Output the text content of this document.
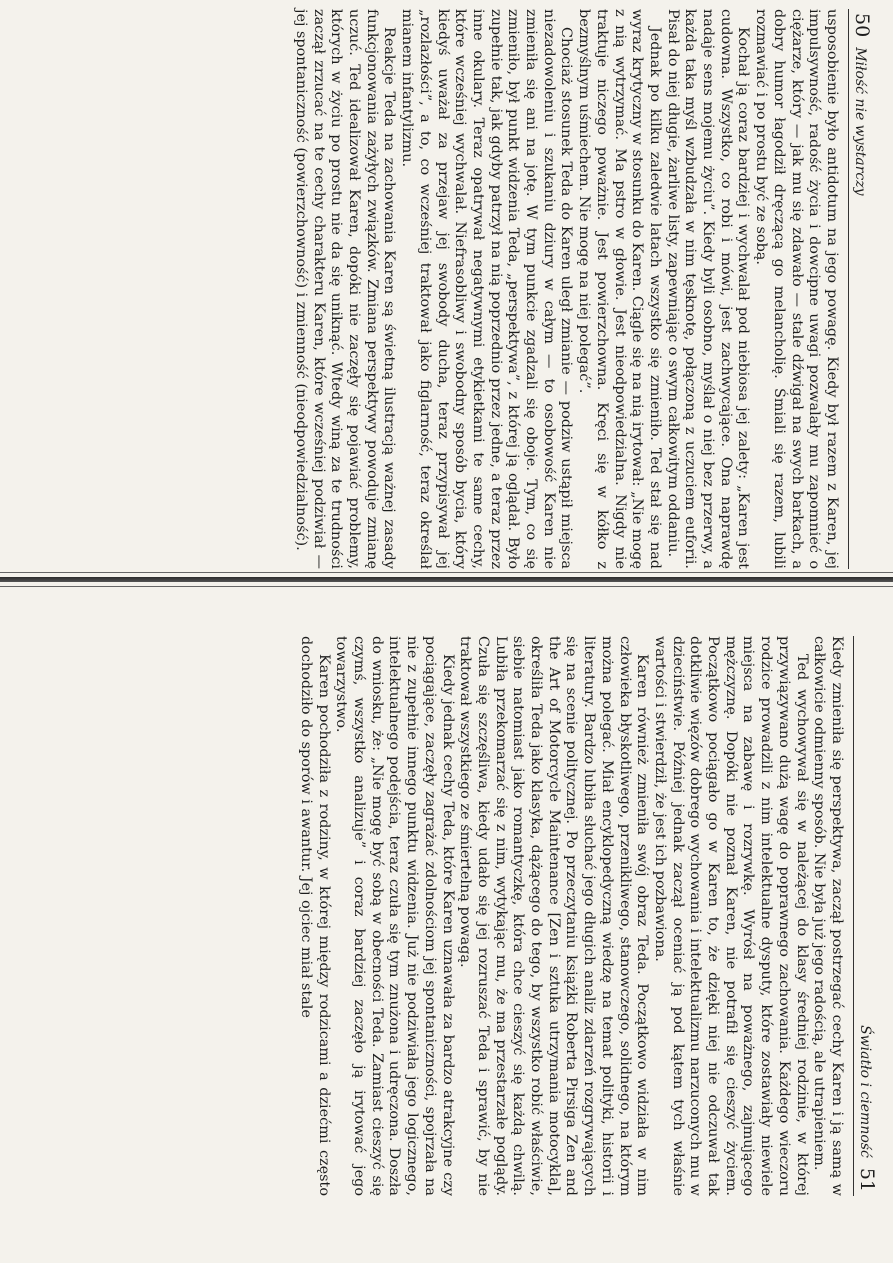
50
Miłość nie wystarczy

usposobienie było antidotum na jego powagę. Kiedy był razem z Karen, jej impulsywność, radość życia i dowcipne uwagi pozwalały mu zapomnieć o ciężarze, który — jak mu się zdawało — stale dźwigał na swych barkach, a dobry humor łagodził dręczącą go melancholię. Śmiali się razem, lubili rozmawiać i po prostu być ze sobą.

Kochał ją coraz bardziej i wychwalał pod niebiosa jej zalety: „Karen jest cudowna. Wszystko, co robi i mówi, jest zachwycające. Ona naprawdę nadaje sens mojemu życiu”. Kiedy byli osobno, myślał o niej bez przerwy, a każda taka myśl wzbudzała w nim tęsknotę, połączoną z uczuciem euforii. Pisał do niej długie, żarliwe listy, zapewniając o swym całkowitym oddaniu.

Jednak po kilku zaledwie latach wszystko się zmieniło. Ted stał się nad wyraz krytyczny w stosunku do Karen. Ciągle się na nią irytował: „Nie mogę z nią wytrzymać. Ma pstro w głowie. Jest nieodpowiedzialna. Nigdy nie traktuje niczego poważnie. Jest powierzchowna. Kręci się w kółko z bezmyślnym uśmiechem. Nie mogę na niej polegać”.

Chociaż stosunek Teda do Karen uległ zmianie — podziw ustąpił miejsca niezadowoleniu i szukaniu dziury w całym — to osobowość Karen nie zmieniła się ani na jotę. W tym punkcie zgadzali się oboje. Tym, co się zmieniło, był punkt widzenia Teda, „perspektywa”, z której ją oglądał. Było zupełnie tak, jak gdyby patrzył na nią poprzednio przez jedne, a teraz przez inne okulary. Teraz opatrywał negatywnymi etykietkami te same cechy, które wcześniej wychwalał. Niefrasobliwy i swobodny sposób bycia, który kiedyś uważał za przejaw jej swobody ducha, teraz przypisywał jej „rozlazłości”, a to, co wcześniej traktował jako figlarność, teraz określał mianem infantylizmu.

Reakcje Teda na zachowania Karen są świetną ilustracją ważnej zasady funkcjonowania zażyłych związków. Zmiana perspektywy powoduje zmianę uczuć. Ted idealizował Karen, dopóki nie zaczęły się pojawiać problemy, których w życiu po prostu nie da się uniknąć. Wtedy winą za te trudności zaczął zrzucać na te cechy charakteru Karen, które wcześniej podziwiał — jej spontaniczność (powierzchowność) i zmienność (nieodpowiedzialność).

Światło i ciemność
51

Kiedy zmieniła się perspektywa, zaczął postrzegać cechy Karen i ją samą w całkowicie odmienny sposób. Nie była już jego radością, ale utrapieniem.

Ted wychowywał się w należącej do klasy średniej rodzinie, w której przywiązywano dużą wagę do poprawnego zachowania. Każdego wieczoru rodzice prowadzili z nim intelektualne dysputy, które zostawiały niewiele miejsca na zabawę i rozrywkę. Wyrósł na poważnego, zajmującego mężczyznę. Dopóki nie poznał Karen, nie potrafił się cieszyć życiem. Początkowo pociągało go w Karen to, że dzięki niej nie odczuwał tak dotkliwie więzów dobrego wychowania i intelektualizmu narzuconych mu w dzieciństwie. Później jednak zaczął oceniać ją pod kątem tych właśnie wartości i stwierdził, że jest ich pozbawiona.

Karen również zmieniła swój obraz Teda. Początkowo widziała w nim człowieka błyskotliwego, przenikliwego, stanowczego, solidnego, na którym można polegać. Miał encyklopedyczną wiedzę na temat polityki, historii i literatury. Bardzo lubiła słuchać jego długich analiz zdarzeń rozgrywających się na scenie politycznej. Po przeczytaniu książki Roberta Pirsiga Zen and the Art of Motorcycle Maintenance [Zen i sztuka utrzymania motocykla], określiła Teda jako klasyka, dążącego do tego, by wszystko robić właściwie, siebie natomiast jako romantyczkę, która chce cieszyć się każdą chwilą. Lubiła przekomarzać się z nim, wytykając mu, że ma przestarzałe poglądy. Czuła się szczęśliwa, kiedy udało się jej rozruszać Teda i sprawić, by nie traktował wszystkiego ze śmiertelną powagą.

Kiedy jednak cechy Teda, które Karen uznawała za bardzo atrakcyjne czy pociągające, zaczęły zagrażać zdolnościom jej spontaniczności, spojrzała na nie z zupełnie innego punktu widzenia. Już nie podziwiała jego logicznego, intelektualnego podejścia, teraz czuła się tym znużona i udręczona. Doszła do wniosku, że: „Nie mogę być sobą w obecności Teda. Zamiast cieszyć się czymś, wszystko analizuje” i coraz bardziej zaczęło ją irytować jego towarzystwo.

Karen pochodziła z rodziny, w której między rodzicami a dziećmi często dochodziło do sporów i awantur. Jej ojciec miał stale
